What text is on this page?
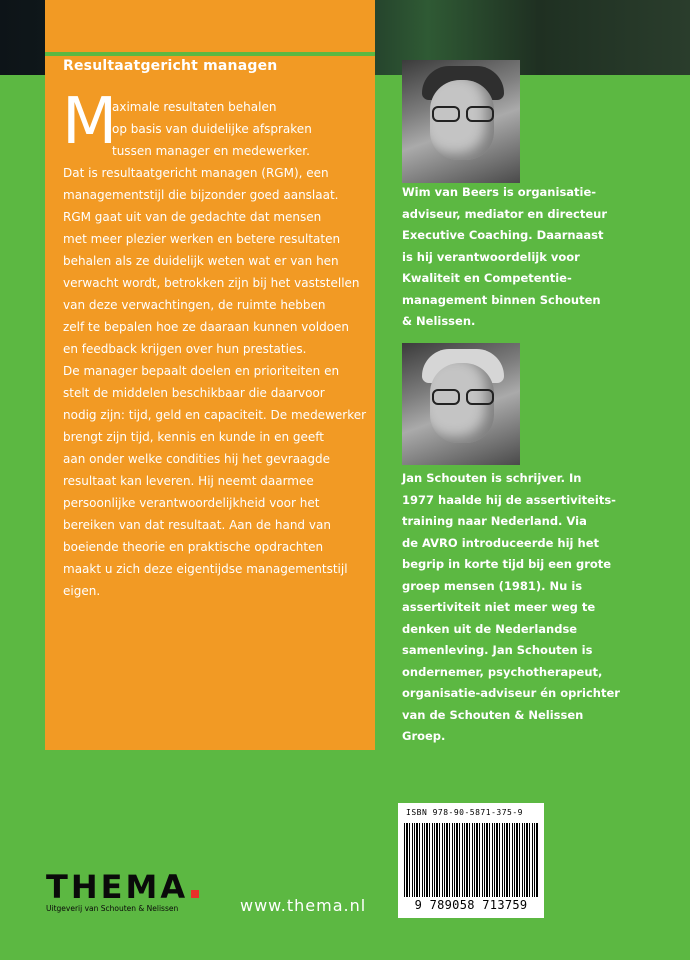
Resultaatgericht managen
M
aximale resultaten behalen
op basis van duidelijke afspraken
tussen manager en medewerker.
Dat is resultaatgericht managen (RGM), een
managementstijl die bijzonder goed aanslaat.
RGM gaat uit van de gedachte dat mensen
met meer plezier werken en betere resultaten
behalen als ze duidelijk weten wat er van hen
verwacht wordt, betrokken zijn bij het vaststellen
van deze verwachtingen, de ruimte hebben
zelf te bepalen hoe ze daaraan kunnen voldoen
en feedback krijgen over hun prestaties.
De manager bepaalt doelen en prioriteiten en
stelt de middelen beschikbaar die daarvoor
nodig zijn: tijd, geld en capaciteit. De medewerker
brengt zijn tijd, kennis en kunde in en geeft
aan onder welke condities hij het gevraagde
resultaat kan leveren. Hij neemt daarmee
persoonlijke verantwoordelijkheid voor het
bereiken van dat resultaat. Aan de hand van
boeiende theorie en praktische opdrachten
maakt u zich deze eigentijdse managementstijl
eigen.
Wim van Beers is organisatie-
adviseur, mediator en directeur
Executive Coaching. Daarnaast
is hij verantwoordelijk voor
Kwaliteit en Competentie-
management binnen Schouten
& Nelissen.
Jan Schouten is schrijver. In
1977 haalde hij de assertiviteits-
training naar Nederland. Via
de AVRO introduceerde hij het
begrip in korte tijd bij een grote
groep mensen (1981). Nu is
assertiviteit niet meer weg te
denken uit de Nederlandse
samenleving. Jan Schouten is
ondernemer, psychotherapeut,
organisatie-adviseur én oprichter
van de Schouten & Nelissen
Groep.
ISBN 978-90-5871-375-9
9 789058 713759
THEMA
Uitgeverij van Schouten & Nelissen	www.thema.nl
